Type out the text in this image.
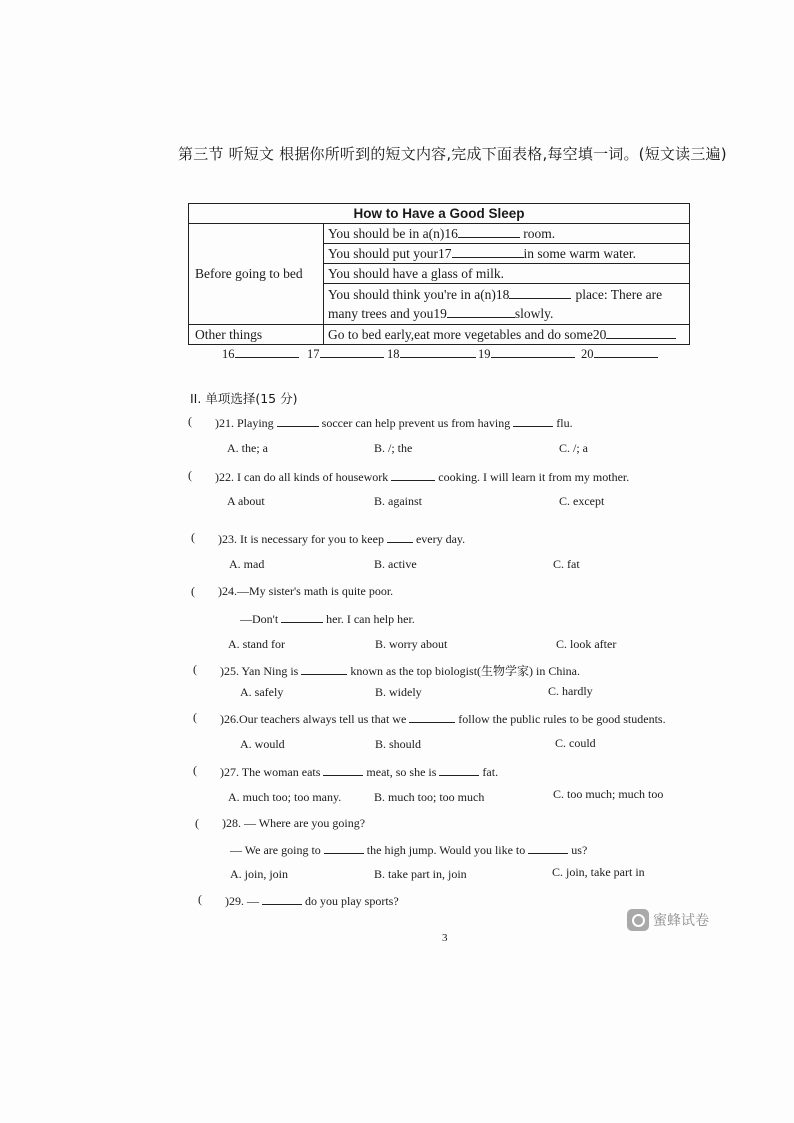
第三节 听短文 根据你所听到的短文内容,完成下面表格,每空填一词。(短文读三遍)
How to Have a Good Sleep	
Before going to bed	You should be in a(n)16 room.
	You should put your17 in some warm water.
	You should have a glass of milk.
	You should think you're in a(n)18 place: There are
many trees and you19 slowly.
Other things	Go to bed early,eat more vegetables and do some20
16	17	18	19	20
II. 单项选择(15 分)
( )21. Playing	soccer can help prevent us from having	flu.
A. the; a	B. /; the	C. /; a
( )22. I can do all kinds of housework	cooking. I will learn it from my mother.
A about	B. against	C. except
( )23. It is necessary for you to keep	every day.
A. mad	B. active	C. fat
( )24.—My sister's math is quite poor.
—Don't	her. I can help her.
A. stand for	B. worry about	C. look after
( )25. Yan Ning is	known as the top biologist(生物学家) in China.
A. safely	B. widely	C. hardly
( )26.Our teachers always tell us that we	follow the public rules to be good students.
A. would	B. should	C. could
( )27. The woman eats	meat, so she is	fat.
A. much too; too many.	B. much too; too much	C. too much; much too
( )28. — Where are you going?
— We are going to	the high jump. Would you like to	us?
A. join, join	B. take part in, join	C. join, take part in
( )29. —	do you play sports?
3
蜜蜂试卷
